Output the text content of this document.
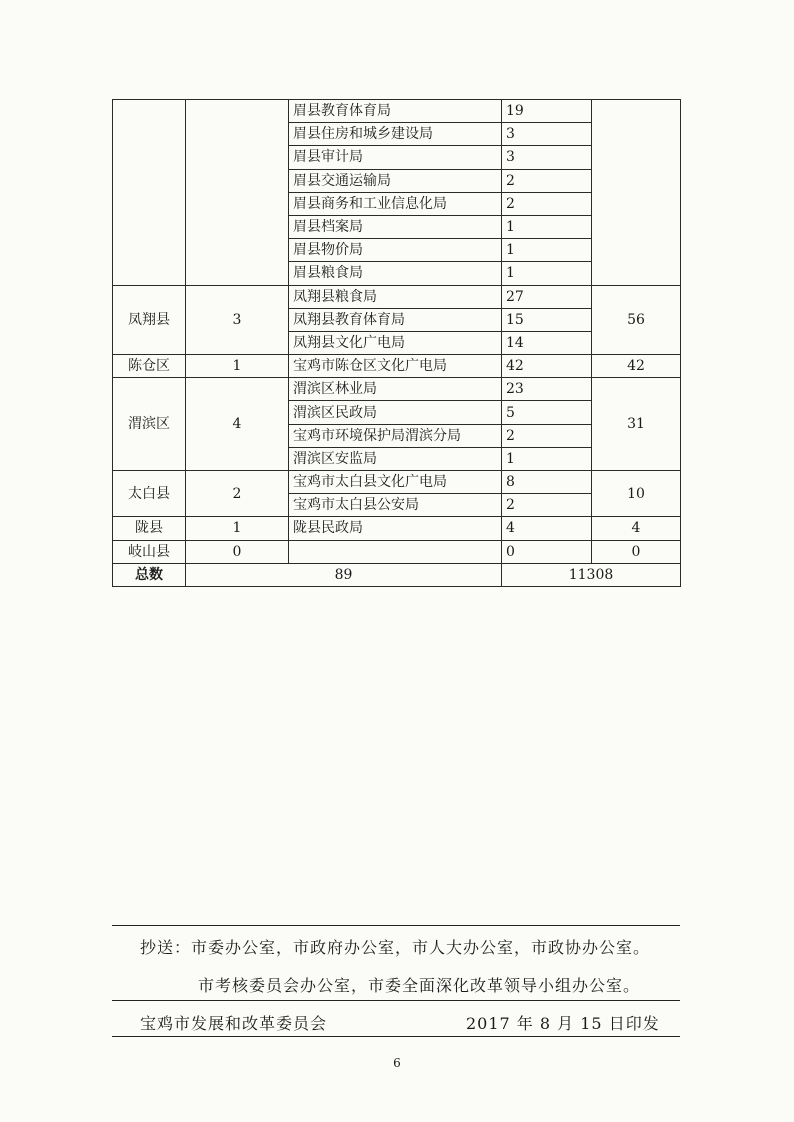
		眉县教育体育局	19	
		眉县住房和城乡建设局	3	
		眉县审计局	3	
		眉县交通运输局	2	
		眉县商务和工业信息化局	2	
		眉县档案局	1	
		眉县物价局	1	
		眉县粮食局	1	
凤翔县	3	凤翔县粮食局	27	56
		凤翔县教育体育局	15	
		凤翔县文化广电局	14	
陈仓区	1	宝鸡市陈仓区文化广电局	42	42
渭滨区	4	渭滨区林业局	23	31
		渭滨区民政局	5	
		宝鸡市环境保护局渭滨分局	2	
		渭滨区安监局	1	
太白县	2	宝鸡市太白县文化广电局	8	10
		宝鸡市太白县公安局	2	
陇县	1	陇县民政局	4	4
岐山县	0		0	0
总数	89		11308	
抄送：市委办公室，市政府办公室，市人大办公室，市政协办公室。
市考核委员会办公室，市委全面深化改革领导小组办公室。
宝鸡市发展和改革委员会	2017 年 8 月 15 日印发
6
